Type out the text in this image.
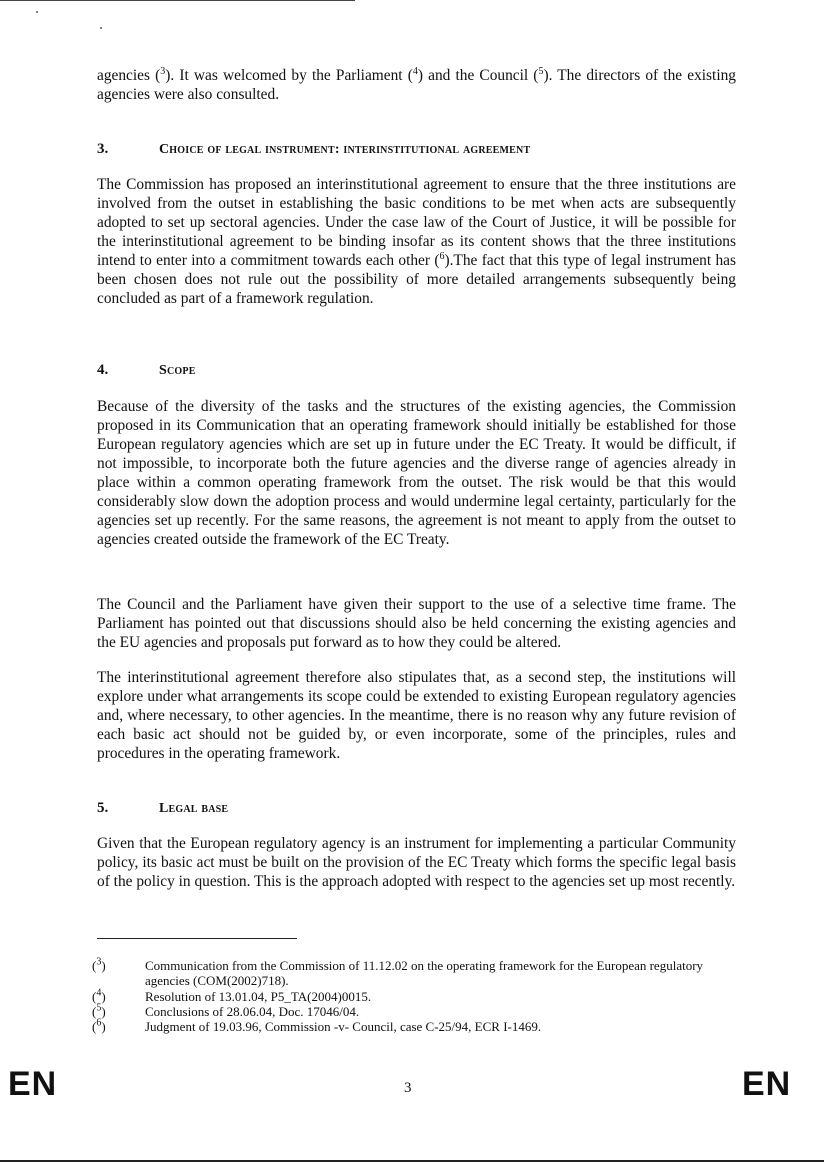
agencies ($^3$). It was welcomed by the Parliament ($^4$) and the Council ($^5$). The directors of the existing agencies were also consulted.

3.	Choice of legal instrument: interinstitutional agreement

The Commission has proposed an interinstitutional agreement to ensure that the three institutions are involved from the outset in establishing the basic conditions to be met when acts are subsequently adopted to set up sectoral agencies. Under the case law of the Court of Justice, it will be possible for the interinstitutional agreement to be binding insofar as its content shows that the three institutions intend to enter into a commitment towards each other ($^6$).The fact that this type of legal instrument has been chosen does not rule out the possibility of more detailed arrangements subsequently being concluded as part of a framework regulation.

4.	Scope

Because of the diversity of the tasks and the structures of the existing agencies, the Commission proposed in its Communication that an operating framework should initially be established for those European regulatory agencies which are set up in future under the EC Treaty. It would be difficult, if not impossible, to incorporate both the future agencies and the diverse range of agencies already in place within a common operating framework from the outset. The risk would be that this would considerably slow down the adoption process and would undermine legal certainty, particularly for the agencies set up recently. For the same reasons, the agreement is not meant to apply from the outset to agencies created outside the framework of the EC Treaty.

The Council and the Parliament have given their support to the use of a selective time frame. The Parliament has pointed out that discussions should also be held concerning the existing agencies and the EU agencies and proposals put forward as to how they could be altered.

The interinstitutional agreement therefore also stipulates that, as a second step, the institutions will explore under what arrangements its scope could be extended to existing European regulatory agencies and, where necessary, to other agencies. In the meantime, there is no reason why any future revision of each basic act should not be guided by, or even incorporate, some of the principles, rules and procedures in the operating framework.

5.	Legal base

Given that the European regulatory agency is an instrument for implementing a particular Community policy, its basic act must be built on the provision of the EC Treaty which forms the specific legal basis of the policy in question. This is the approach adopted with respect to the agencies set up most recently.

($^3$)	Communication from the Commission of 11.12.02 on the operating framework for the European regulatory agencies (COM(2002)718).
($^4$)	Resolution of 13.01.04, P5_TA(2004)0015.
($^5$)	Conclusions of 28.06.04, Doc. 17046/04.
($^6$)	Judgment of 19.03.96, Commission -v- Council, case C-25/94, ECR I-1469.
EN	3	EN
